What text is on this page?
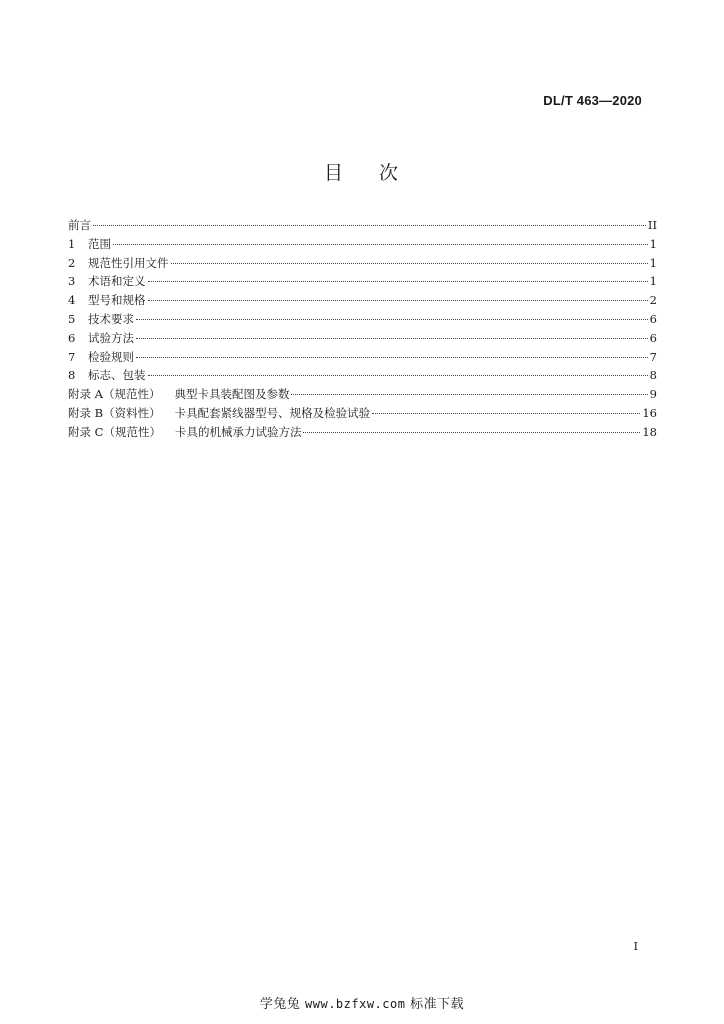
DL/T 463—2020
目 次
前言	II
1	范围	1
2	规范性引用文件	1
3	术语和定义	1
4	型号和规格	2
5	技术要求	6
6	试验方法	6
7	检验规则	7
8	标志、包装	8
附录 A（规范性） 典型卡具装配图及参数	9
附录 B（资料性） 卡具配套紧线器型号、规格及检验试验	16
附录 C（规范性） 卡具的机械承力试验方法	18
I
学兔兔 www.bzfxw.com 标准下载
